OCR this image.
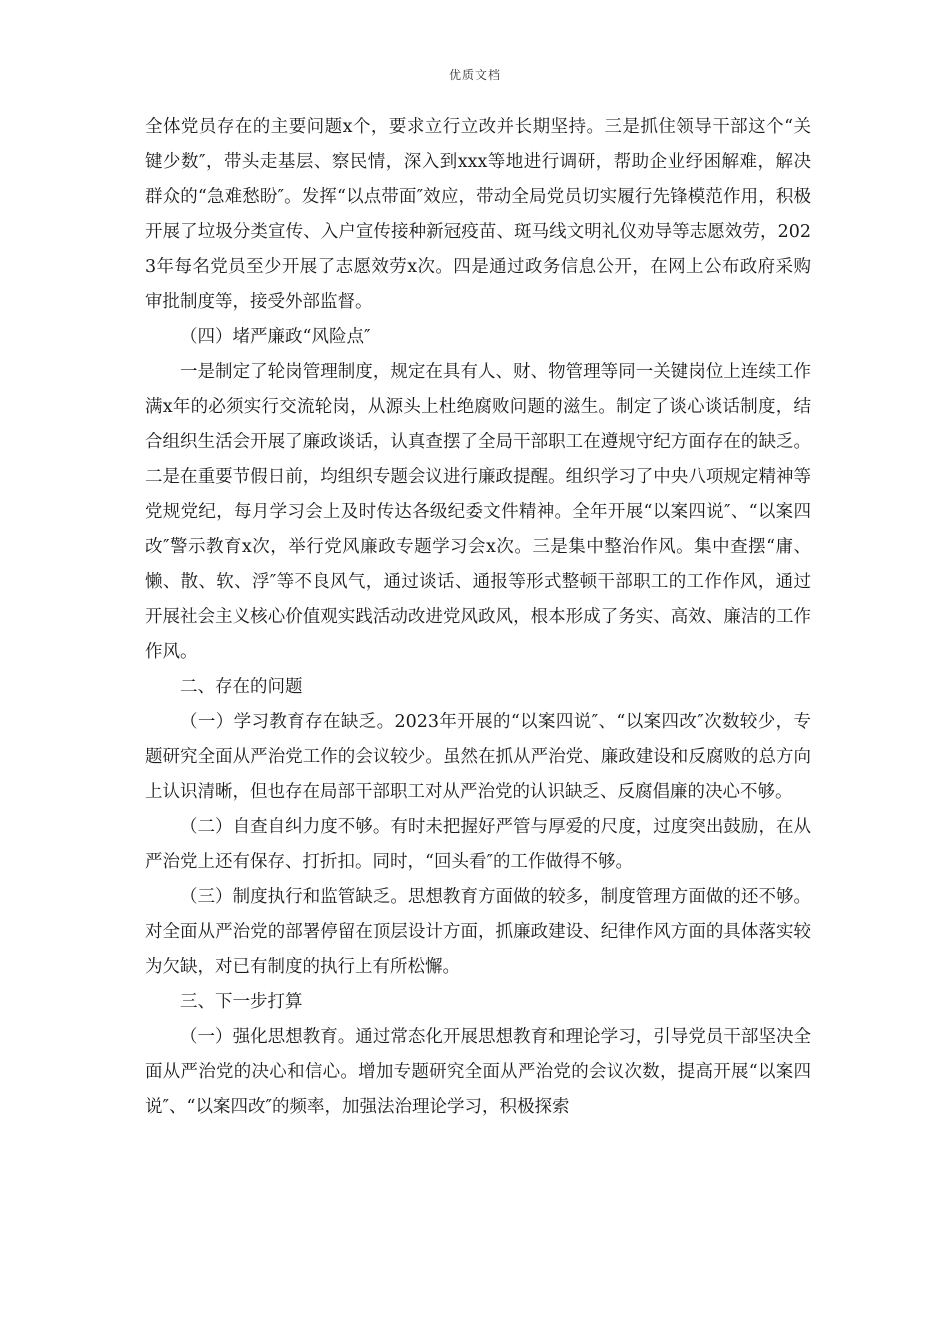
优质文档

全体党员存在的主要问题x个，要求立行立改并长期坚持。三是抓住领导干部这个“关键少数″，带头走基层、察民情，深入到xxx等地进行调研，帮助企业纾困解难，解决群众的“急难愁盼″。发挥“以点带面″效应，带动全局党员切实履行先锋模范作用，积极开展了垃圾分类宣传、入户宣传接种新冠疫苗、斑马线文明礼仪劝导等志愿效劳，2023年每名党员至少开展了志愿效劳x次。四是通过政务信息公开，在网上公布政府采购审批制度等，接受外部监督。

（四）堵严廉政“风险点″

一是制定了轮岗管理制度，规定在具有人、财、物管理等同一关键岗位上连续工作满x年的必须实行交流轮岗，从源头上杜绝腐败问题的滋生。制定了谈心谈话制度，结合组织生活会开展了廉政谈话，认真查摆了全局干部职工在遵规守纪方面存在的缺乏。二是在重要节假日前，均组织专题会议进行廉政提醒。组织学习了中央八项规定精神等党规党纪，每月学习会上及时传达各级纪委文件精神。全年开展“以案四说″、“以案四改″警示教育x次，举行党风廉政专题学习会x次。三是集中整治作风。集中查摆“庸、懒、散、软、浮″等不良风气，通过谈话、通报等形式整顿干部职工的工作作风，通过开展社会主义核心价值观实践活动改进党风政风，根本形成了务实、高效、廉洁的工作作风。

二、存在的问题

（一）学习教育存在缺乏。2023年开展的“以案四说″、“以案四改″次数较少，专题研究全面从严治党工作的会议较少。虽然在抓从严治党、廉政建设和反腐败的总方向上认识清晰，但也存在局部干部职工对从严治党的认识缺乏、反腐倡廉的决心不够。

（二）自查自纠力度不够。有时未把握好严管与厚爱的尺度，过度突出鼓励，在从严治党上还有保存、打折扣。同时，“回头看″的工作做得不够。

（三）制度执行和监管缺乏。思想教育方面做的较多，制度管理方面做的还不够。对全面从严治党的部署停留在顶层设计方面，抓廉政建设、纪律作风方面的具体落实较为欠缺，对已有制度的执行上有所松懈。

三、下一步打算

（一）强化思想教育。通过常态化开展思想教育和理论学习，引导党员干部坚决全面从严治党的决心和信心。增加专题研究全面从严治党的会议次数，提高开展“以案四说″、“以案四改″的频率，加强法治理论学习，积极探索
